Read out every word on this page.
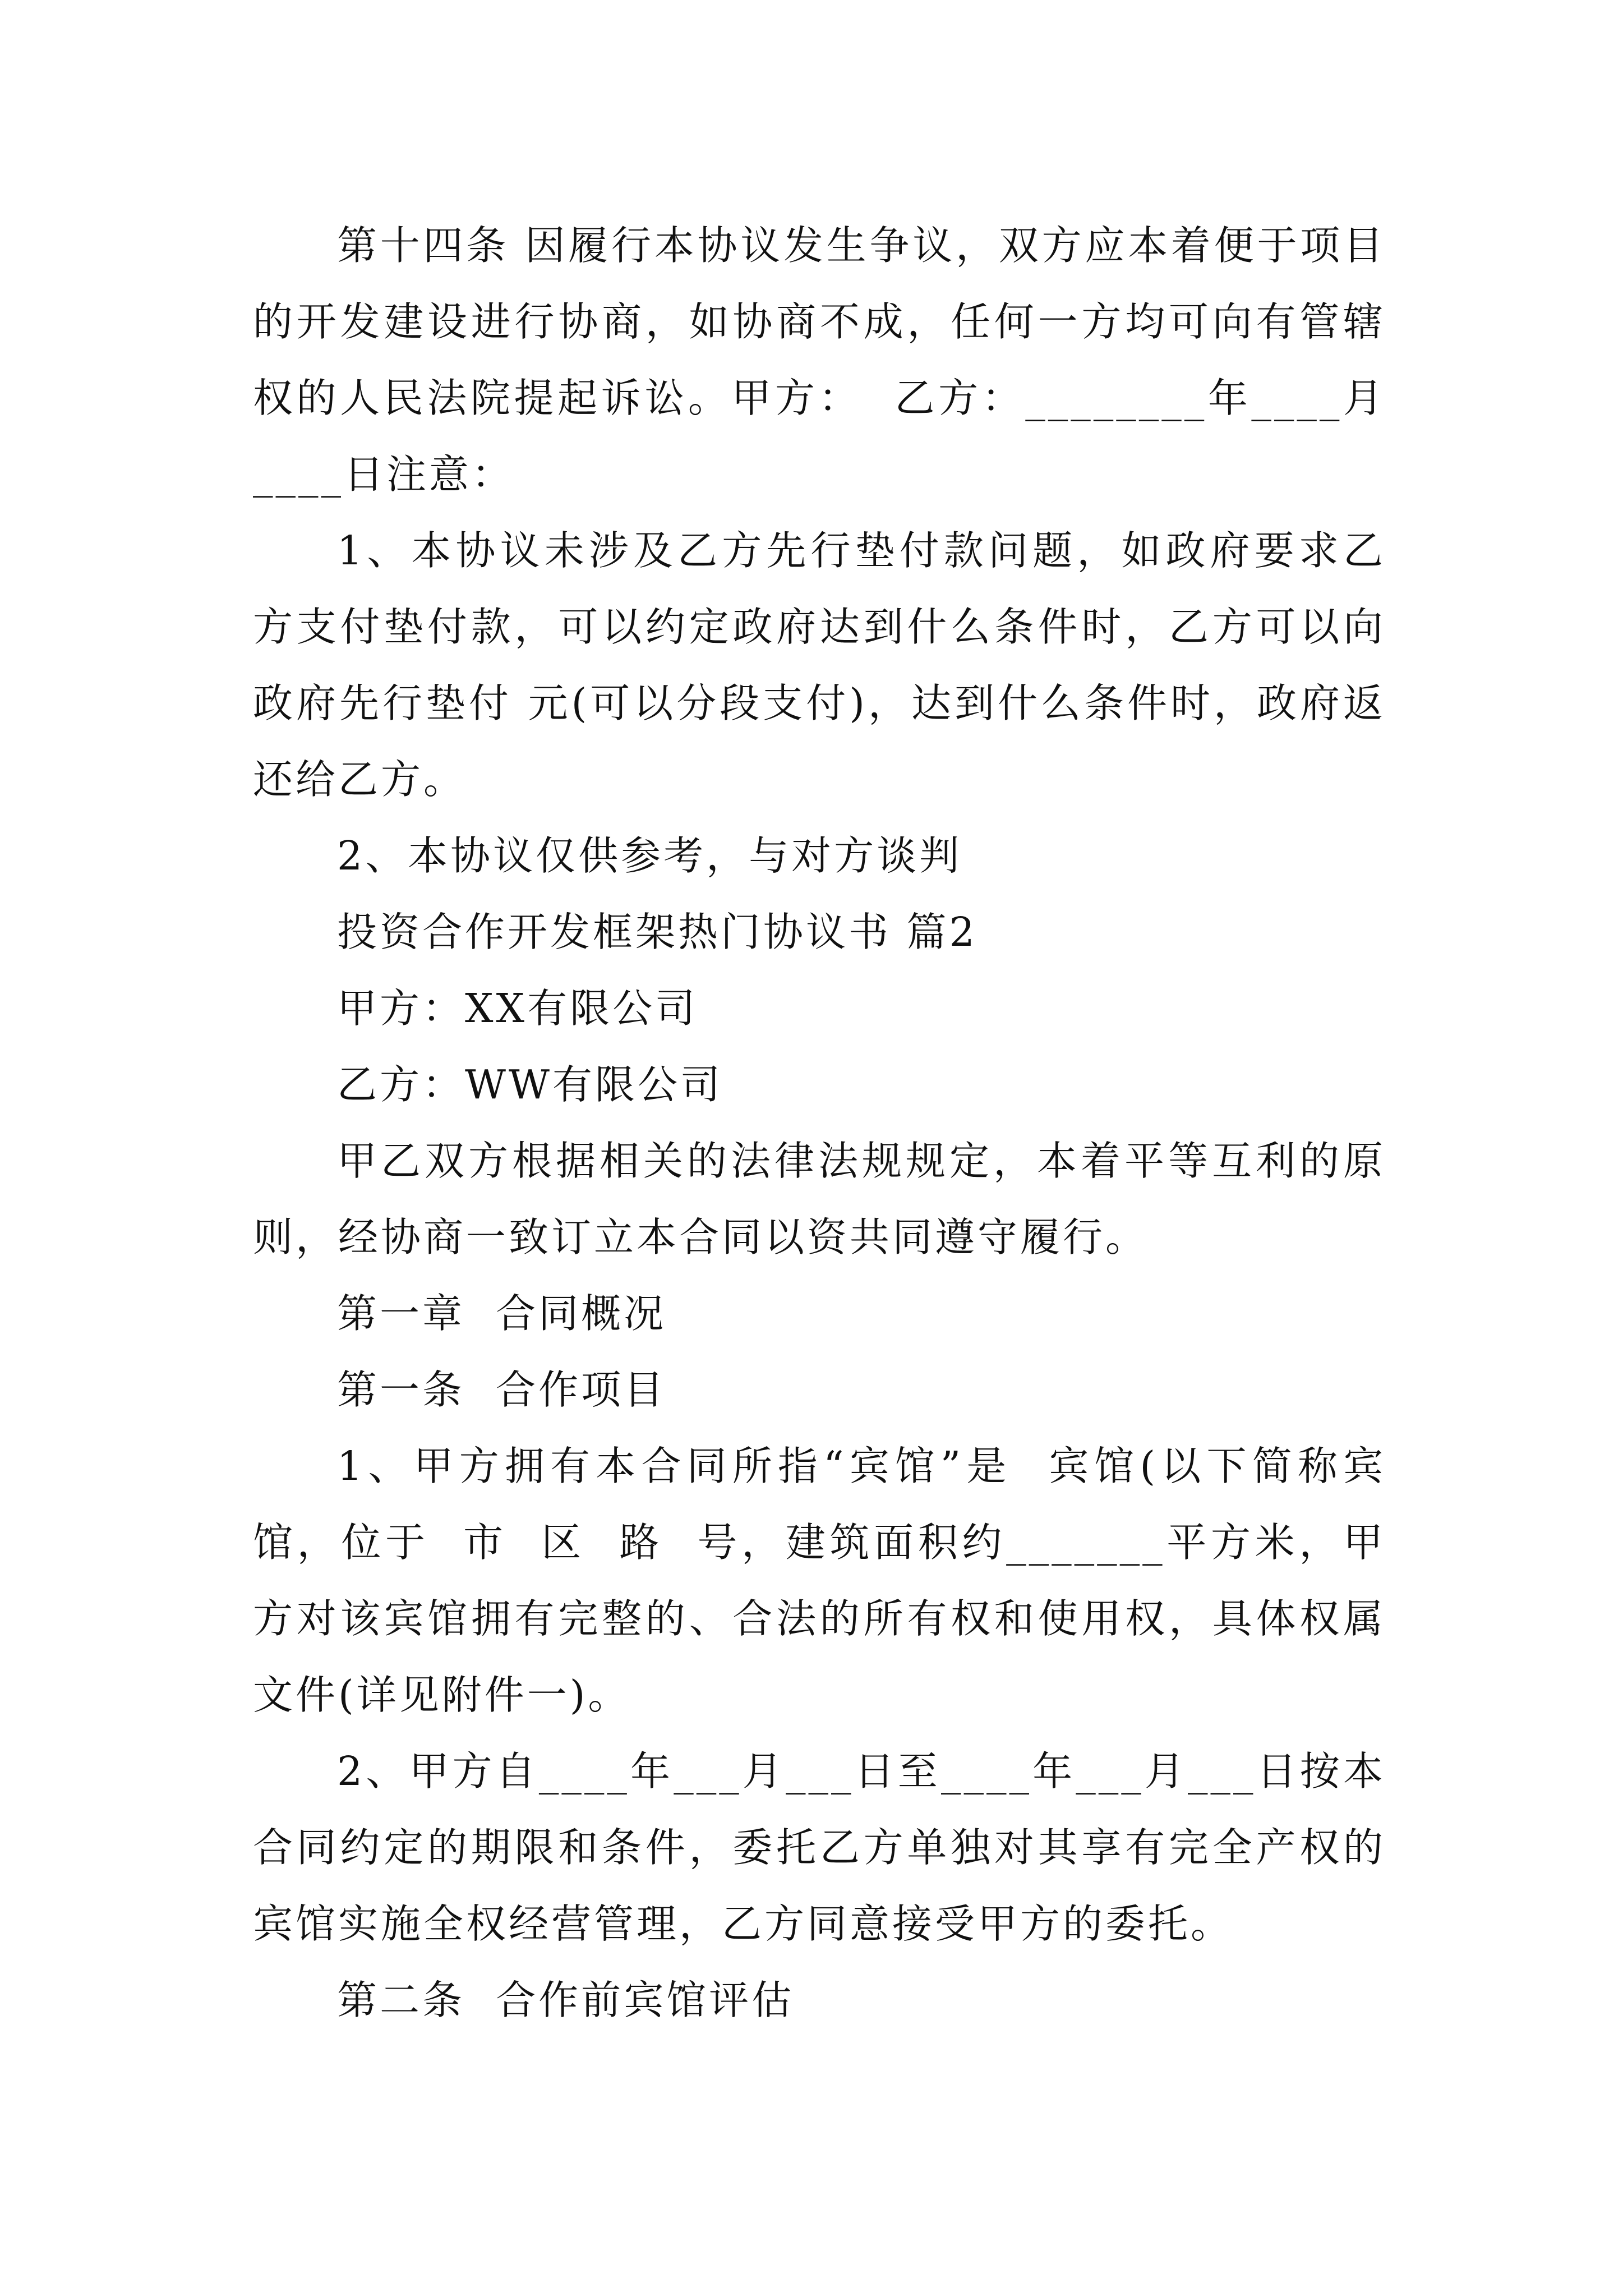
第十四条 因履行本协议发生争议，双方应本着便于项目的开发建设进行协商，如协商不成，任何一方均可向有管辖权的人民法院提起诉讼。甲方：  乙方：________年____月____日注意：

1、本协议未涉及乙方先行垫付款问题，如政府要求乙方支付垫付款，可以约定政府达到什么条件时，乙方可以向政府先行垫付 元(可以分段支付)，达到什么条件时，政府返还给乙方。

2、本协议仅供参考，与对方谈判

投资合作开发框架热门协议书 篇2

甲方：XX有限公司

乙方：WW有限公司

甲乙双方根据相关的法律法规规定，本着平等互利的原则，经协商一致订立本合同以资共同遵守履行。

第一章  合同概况

第一条  合作项目

1、甲方拥有本合同所指“宾馆”是  宾馆(以下简称宾馆，位于  市  区  路  号，建筑面积约_______平方米，甲方对该宾馆拥有完整的、合法的所有权和使用权，具体权属文件(详见附件一)。

2、甲方自____年___月___日至____年___月___日按本合同约定的期限和条件，委托乙方单独对其享有完全产权的宾馆实施全权经营管理，乙方同意接受甲方的委托。

第二条  合作前宾馆评估
